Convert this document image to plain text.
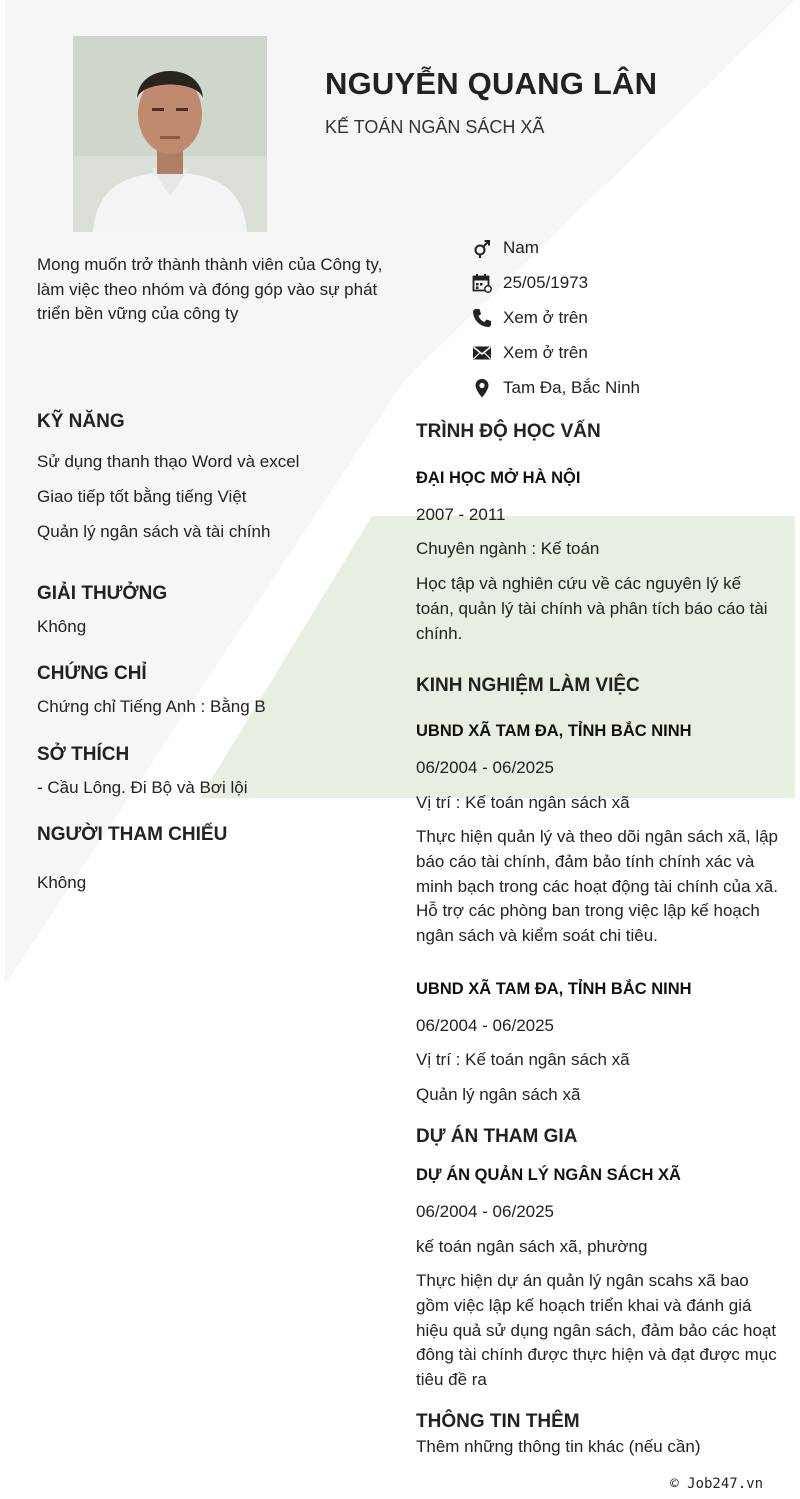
NGUYỄN QUANG LÂN
KẾ TOÁN NGÂN SÁCH XÃ
Mong muốn trở thành thành viên của Công ty, làm việc theo nhóm và đóng góp vào sự phát triển bền vững của công ty
Nam
25/05/1973
Xem ở trên
Xem ở trên
Tam Đa, Bắc Ninh
KỸ NĂNG
Sử dụng thanh thạo Word và excel
Giao tiếp tốt bằng tiếng Việt
Quản lý ngân sách và tài chính
GIẢI THƯỞNG
Không
CHỨNG CHỈ
Chứng chỉ Tiếng Anh : Bằng B
SỞ THÍCH
- Cầu Lông. Đi Bộ và Bơi lội
NGƯỜI THAM CHIẾU
Không
TRÌNH ĐỘ HỌC VẤN
ĐẠI HỌC MỞ HÀ NỘI
2007 - 2011
Chuyên ngành : Kế toán
Học tập và nghiên cứu về các nguyên lý kế toán, quản lý tài chính và phân tích báo cáo tài chính.
KINH NGHIỆM LÀM VIỆC
UBND XÃ TAM ĐA, TỈNH BẮC NINH
06/2004 - 06/2025
Vị trí : Kế toán ngân sách xã
Thực hiện quản lý và theo dõi ngân sách xã, lập báo cáo tài chính, đảm bảo tính chính xác và minh bạch trong các hoạt động tài chính của xã. Hỗ trợ các phòng ban trong việc lập kế hoạch ngân sách và kiểm soát chi tiêu.
UBND XÃ TAM ĐA, TỈNH BẮC NINH
06/2004 - 06/2025
Vị trí : Kế toán ngân sách xã
Quản lý ngân sách xã
DỰ ÁN THAM GIA
DỰ ÁN QUẢN LÝ NGÂN SÁCH XÃ
06/2004 - 06/2025
kế toán ngân sách xã, phường
Thực hiện dự án quản lý ngân scahs xã bao gồm việc lập kế hoạch triển khai và đánh giá hiệu quả sử dụng ngân sách, đảm bảo các hoạt đông tài chính được thực hiện và đạt được mục tiêu đề ra
THÔNG TIN THÊM
Thêm những thông tin khác (nếu cần)
© Job247.vn
